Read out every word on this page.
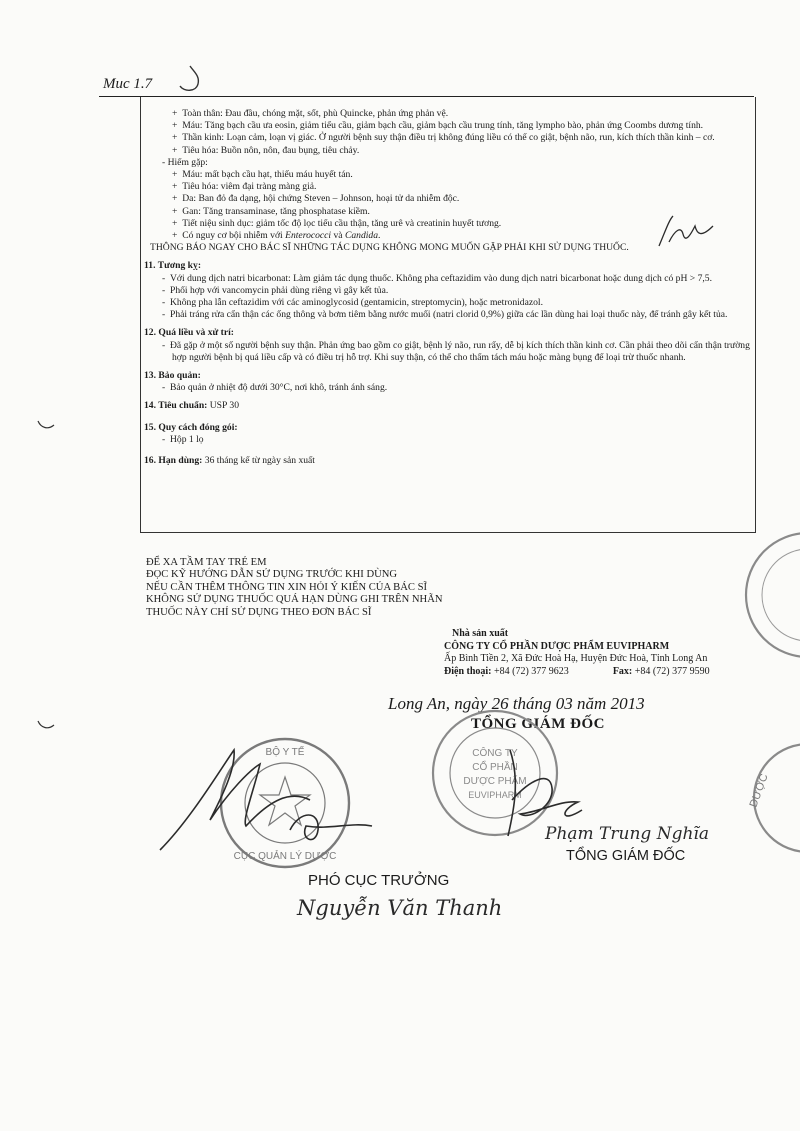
Muc 1.7
+  Toàn thân: Đau đầu, chóng mặt, sốt, phù Quincke, phản ứng phản vệ.
+  Máu: Tăng bạch cầu ưa eosin, giảm tiểu cầu, giảm bạch cầu, giảm bạch cầu trung tính, tăng lympho bào, phản ứng Coombs dương tính.
+  Thần kinh: Loạn cảm, loạn vị giác. Ở người bệnh suy thận điều trị không đúng liều có thể co giật, bệnh não, run, kích thích thần kinh – cơ.
+  Tiêu hóa: Buồn nôn, nôn, đau bụng, tiêu chảy.
- Hiếm gặp:
+  Máu: mất bạch cầu hạt, thiếu máu huyết tán.
+  Tiêu hóa: viêm đại tràng màng giả.
+  Da: Ban đỏ đa dạng, hội chứng Steven – Johnson, hoại tử da nhiễm độc.
+  Gan: Tăng transaminase, tăng phosphatase kiềm.
+  Tiết niệu sinh dục: giảm tốc độ lọc tiểu cầu thận, tăng urê và creatinin huyết tương.
+  Có nguy cơ bội nhiễm với Enterococci và Candida.
THÔNG BÁO NGAY CHO BÁC SĨ NHỮNG TÁC DỤNG KHÔNG MONG MUỐN GẶP PHẢI KHI SỬ DỤNG THUỐC.
11. Tương kỵ:
-  Với dung dịch natri bicarbonat: Làm giảm tác dụng thuốc. Không pha ceftazidim vào dung dịch natri bicarbonat hoặc dung dịch có pH > 7,5.
-  Phối hợp với vancomycin phải dùng riêng vì gây kết tủa.
-  Không pha lẫn ceftazidim với các aminoglycosid (gentamicin, streptomycin), hoặc metronidazol.
-  Phải tráng rửa cẩn thận các ống thông và bơm tiêm bằng nước muối (natri clorid 0,9%) giữa các lần dùng hai loại thuốc này, để tránh gây kết tủa.
12. Quá liều và xử trí:
-  Đã gặp ở một số người bệnh suy thận. Phản ứng bao gồm co giật, bệnh lý não, run rẩy, dễ bị kích thích thần kinh cơ. Cần phải theo dõi cẩn thận trường hợp người bệnh bị quá liều cấp và có điều trị hỗ trợ. Khi suy thận, có thể cho thẩm tách máu hoặc màng bụng để loại trừ thuốc nhanh.
13. Bảo quản:
-  Bảo quản ở nhiệt độ dưới 30°C, nơi khô, tránh ánh sáng.
14. Tiêu chuẩn: USP 30
15. Quy cách đóng gói:
-  Hộp 1 lọ
16. Hạn dùng: 36 tháng kể từ ngày sản xuất
ĐỂ XA TẦM TAY TRẺ EM
ĐỌC KỸ HƯỚNG DẪN SỬ DỤNG TRƯỚC KHI DÙNG
NẾU CẦN THÊM THÔNG TIN XIN HỎI Ý KIẾN CỦA BÁC SĨ
KHÔNG SỬ DỤNG THUỐC QUÁ HẠN DÙNG GHI TRÊN NHÃN
THUỐC NÀY CHỈ SỬ DỤNG THEO ĐƠN BÁC SĨ
Nhà sản xuất
CÔNG TY CỔ PHẦN DƯỢC PHẨM EUVIPHARM
Ấp Bình Tiền 2, Xã Đức Hoà Hạ, Huyện Đức Hoà, Tỉnh Long An
Điện thoại: +84 (72) 377 9623	Fax: +84 (72) 377 9590
Long An, ngày 26 tháng 03 năm 2013
TỔNG GIÁM ĐỐC
CÔNG TY
CỔ PHẦN
DƯỢC PHẨM
EUVIPHARM
BỘ Y TẾ
CỤC QUẢN LÝ DƯỢC
DƯỢC
Phạm Trung Nghĩa
TỔNG GIÁM ĐỐC
PHÓ CỤC TRƯỞNG
Nguyễn Văn Thanh
